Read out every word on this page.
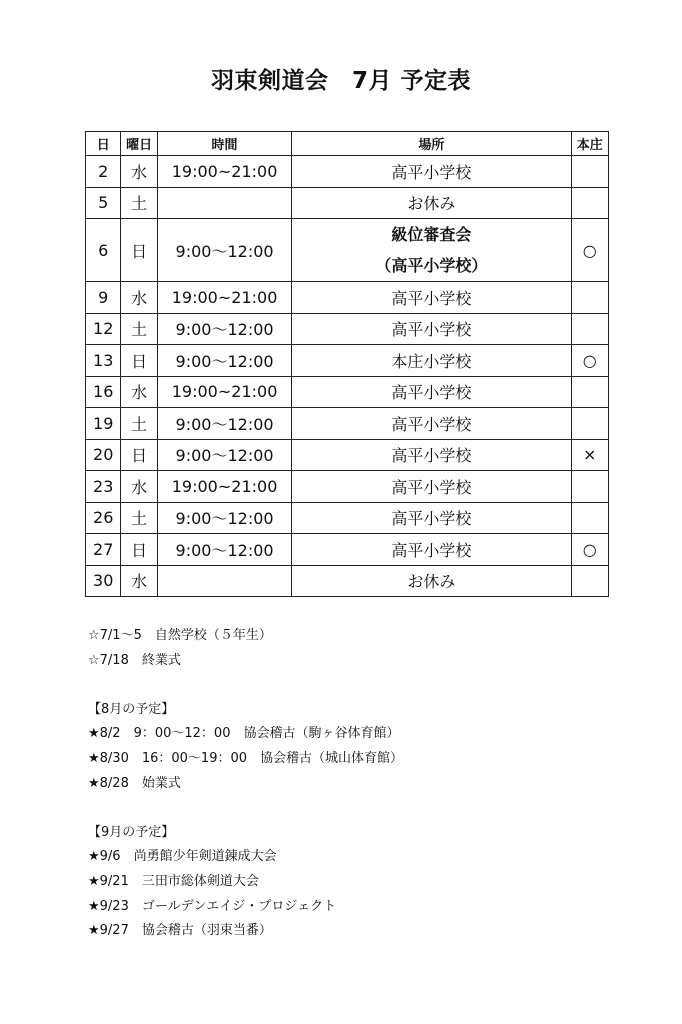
羽束剣道会　7月 予定表
日	曜日	時間	場所	本庄
2	水	19:00~21:00	高平小学校	

5	土		お休み	

6	日	9:00～12:00	級位審査会
（高平小学校）	○
9	水	19:00~21:00	高平小学校	

12	土	9:00～12:00	高平小学校	

13	日	9:00～12:00	本庄小学校	○
16	水	19:00~21:00	高平小学校	

19	土	9:00～12:00	高平小学校	

20	日	9:00～12:00	高平小学校	×
23	水	19:00~21:00	高平小学校	

26	土	9:00～12:00	高平小学校	

27	日	9:00～12:00	高平小学校	○
30	水		お休み	

☆7/1～5　自然学校（５年生）
☆7/18　終業式
【8月の予定】
★8/2　9：00～12：00　協会稽古（駒ヶ谷体育館）
★8/30　16：00～19：00　協会稽古（城山体育館）
★8/28　始業式
【9月の予定】
★9/6　尚勇館少年剣道錬成大会
★9/21　三田市総体剣道大会
★9/23　ゴールデンエイジ・プロジェクト
★9/27　協会稽古（羽束当番）
